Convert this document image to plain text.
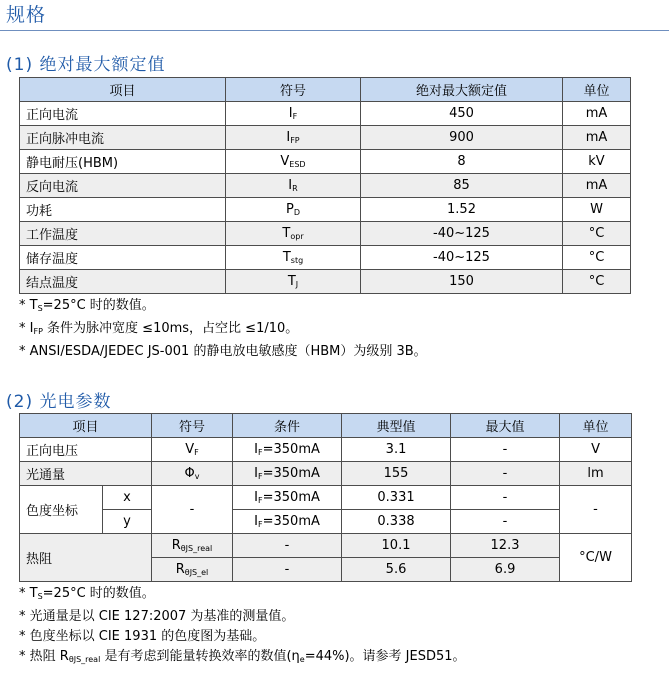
规格
(1) 绝对最大额定值
项目	符号	绝对最大额定值	单位
正向电流	$I_F$	450	mA
正向脉冲电流	$I_{FP}$	900	mA
静电耐压(HBM)	$V_{ESD}$	8	kV
反向电流	$I_R$	85	mA
功耗	$P_D$	1.52	W
工作温度	$T_{opr}$	-40~125	°C
储存温度	$T_{stg}$	-40~125	°C
结点温度	$T_J$	150	°C
* $T_S=25^\circ C$ 时的数值。
* $I_{FP}$ 条件为脉冲宽度 ≤10ms，占空比 ≤1/10。
* ANSI/ESDA/JEDEC JS-001 的静电放电敏感度（HBM）为级别 3B。
(2) 光电参数
项目		符号	条件	典型值	最大值	单位
正向电压		$V_F$	$I_F=350mA$	3.1	-	V
光通量		$\Phi_v$	$I_F=350mA$	155	-	lm
色度坐标	x	-	$I_F=350mA$	0.331	-	-
	y		$I_F=350mA$	0.338	-	
热阻		$R_{\theta JS\_real}$	-	10.1	12.3	°C/W
		$R_{\theta JS\_el}$	-	5.6	6.9	
* $T_S=25^\circ C$ 时的数值。
* 光通量是以 CIE 127:2007 为基准的测量值。
* 色度坐标以 CIE 1931 的色度图为基础。
* 热阻 $R_{\theta JS\_real}$ 是有考虑到能量转换效率的数值$(\eta_e=44\%)$。请参考 JESD51。
